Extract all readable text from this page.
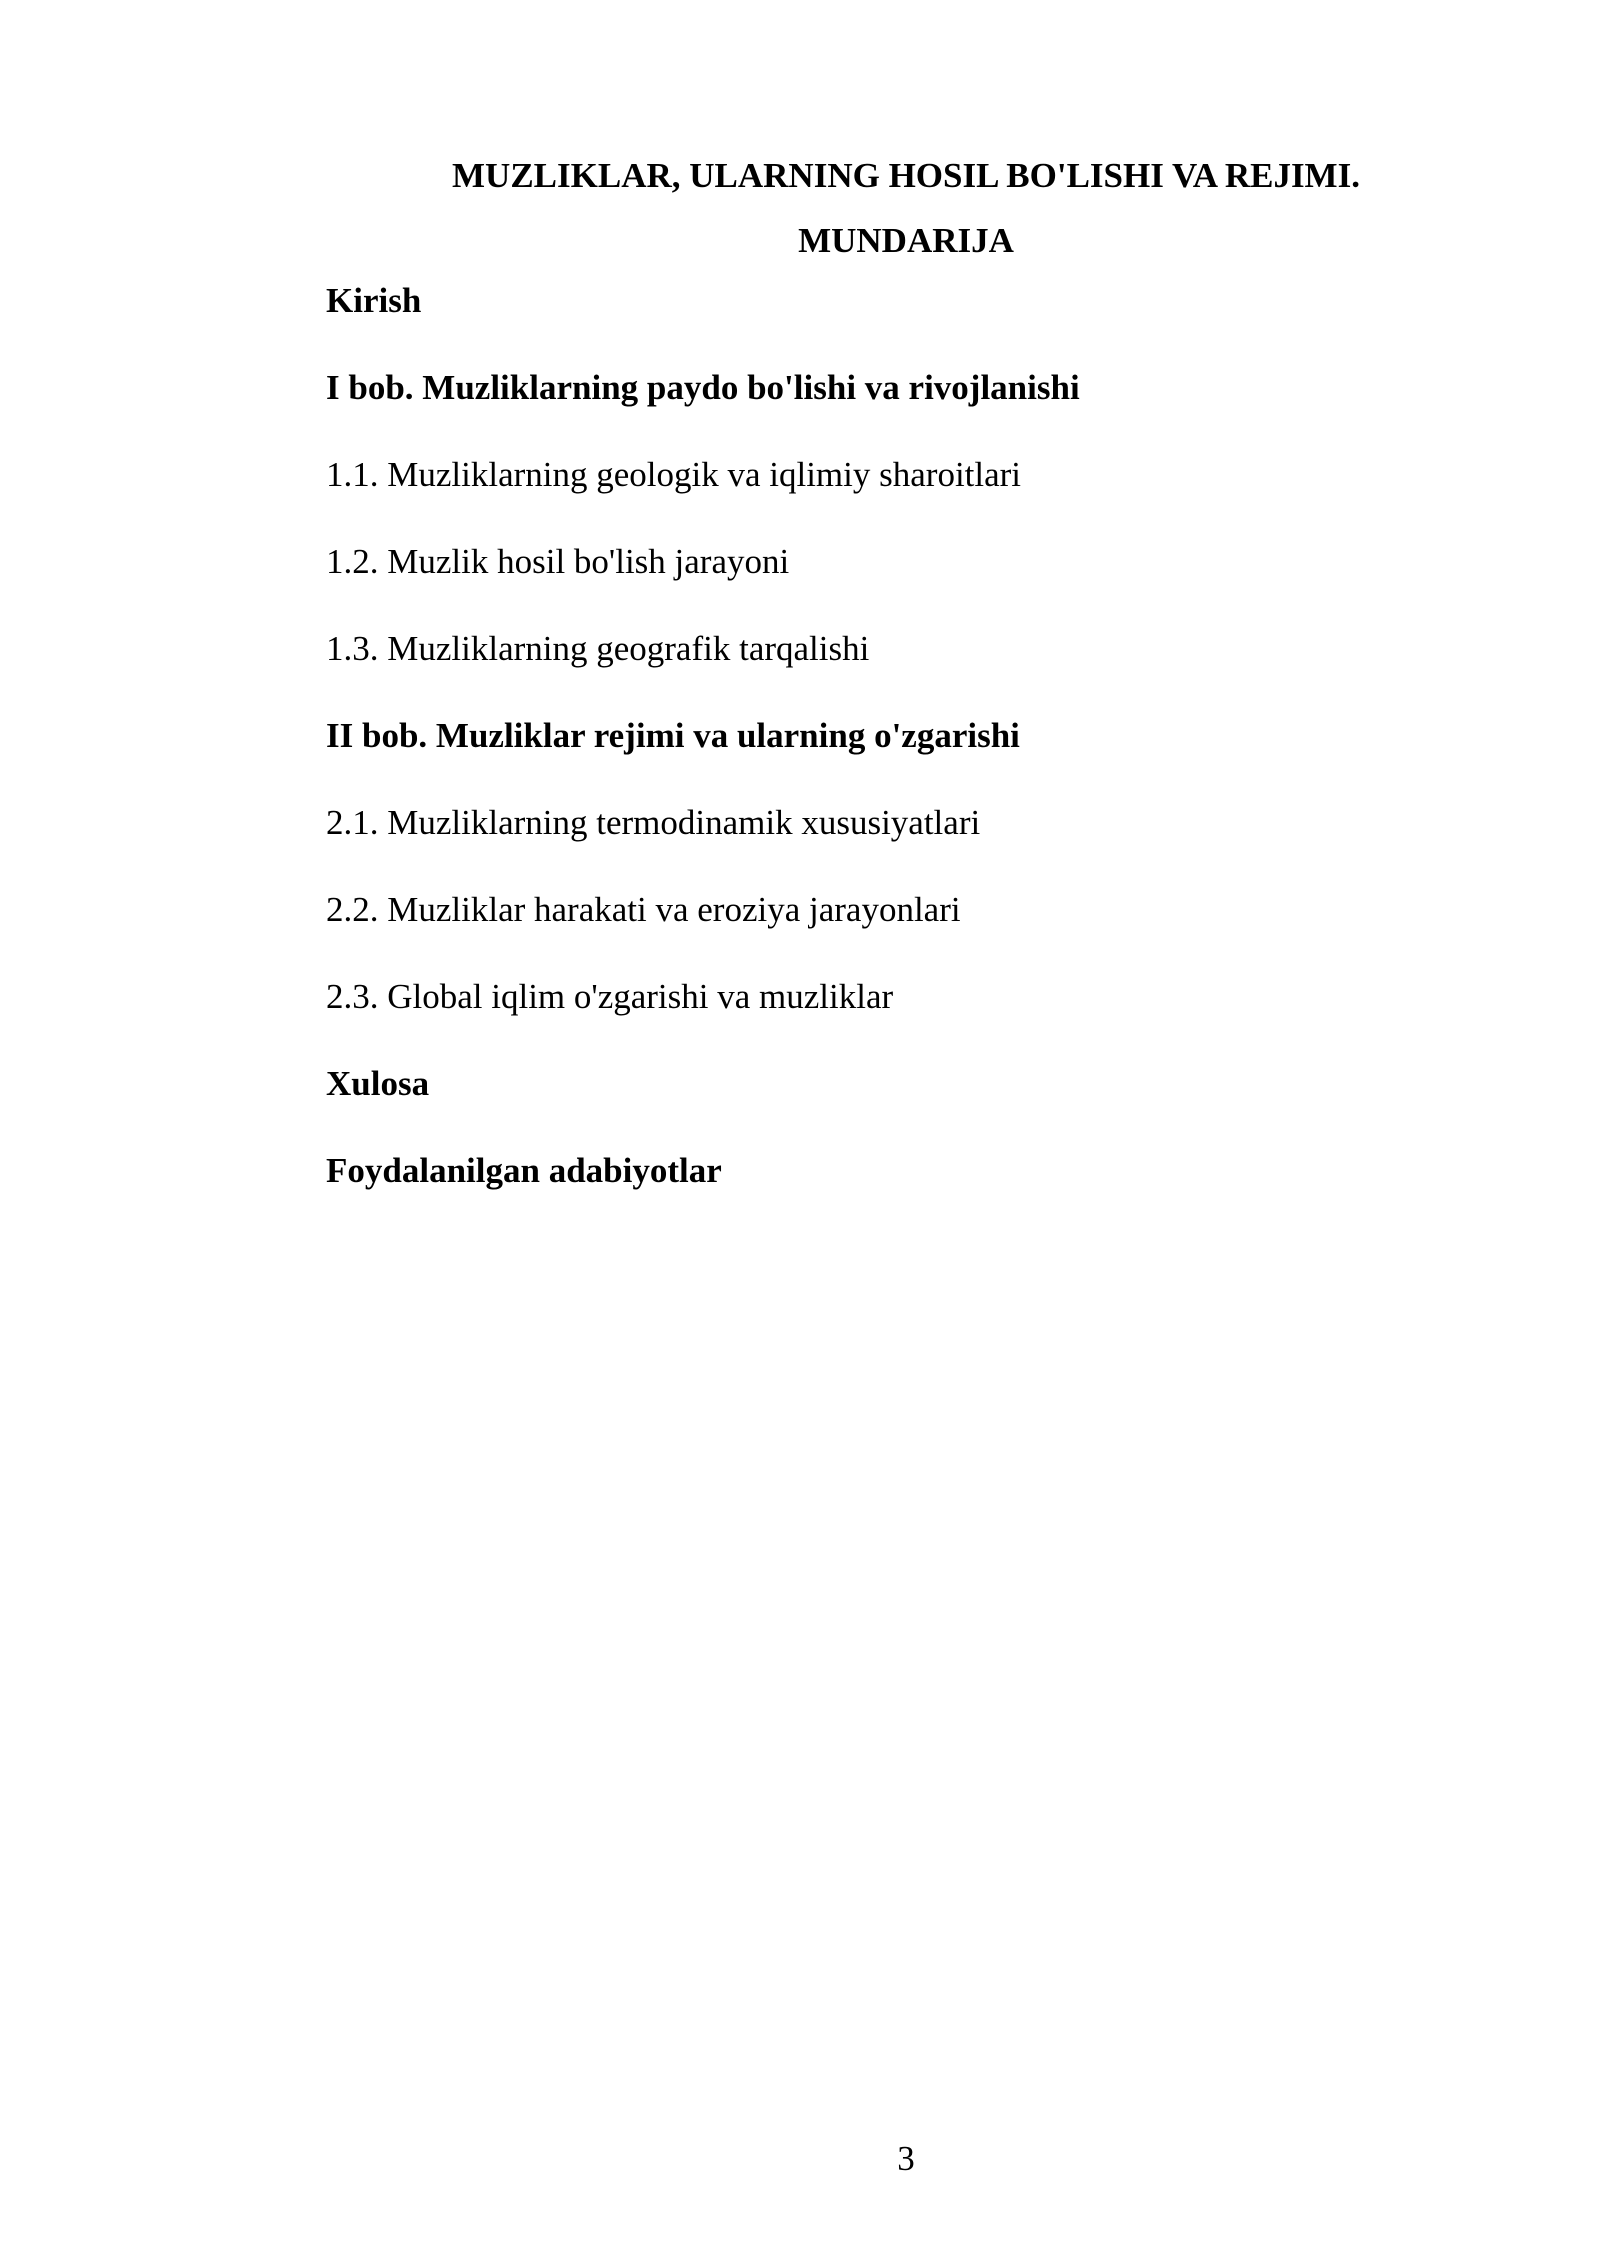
MUZLIKLAR, ULARNING HOSIL BO'LISHI VA REJIMI.
MUNDARIJA
Kirish
I bob. Muzliklarning paydo bo'lishi va rivojlanishi
1.1. Muzliklarning geologik va iqlimiy sharoitlari
1.2. Muzlik hosil bo'lish jarayoni
1.3. Muzliklarning geografik tarqalishi
II bob. Muzliklar rejimi va ularning o'zgarishi
2.1. Muzliklarning termodinamik xususiyatlari
2.2. Muzliklar harakati va eroziya jarayonlari
2.3. Global iqlim o'zgarishi va muzliklar
Xulosa
Foydalanilgan adabiyotlar
3
